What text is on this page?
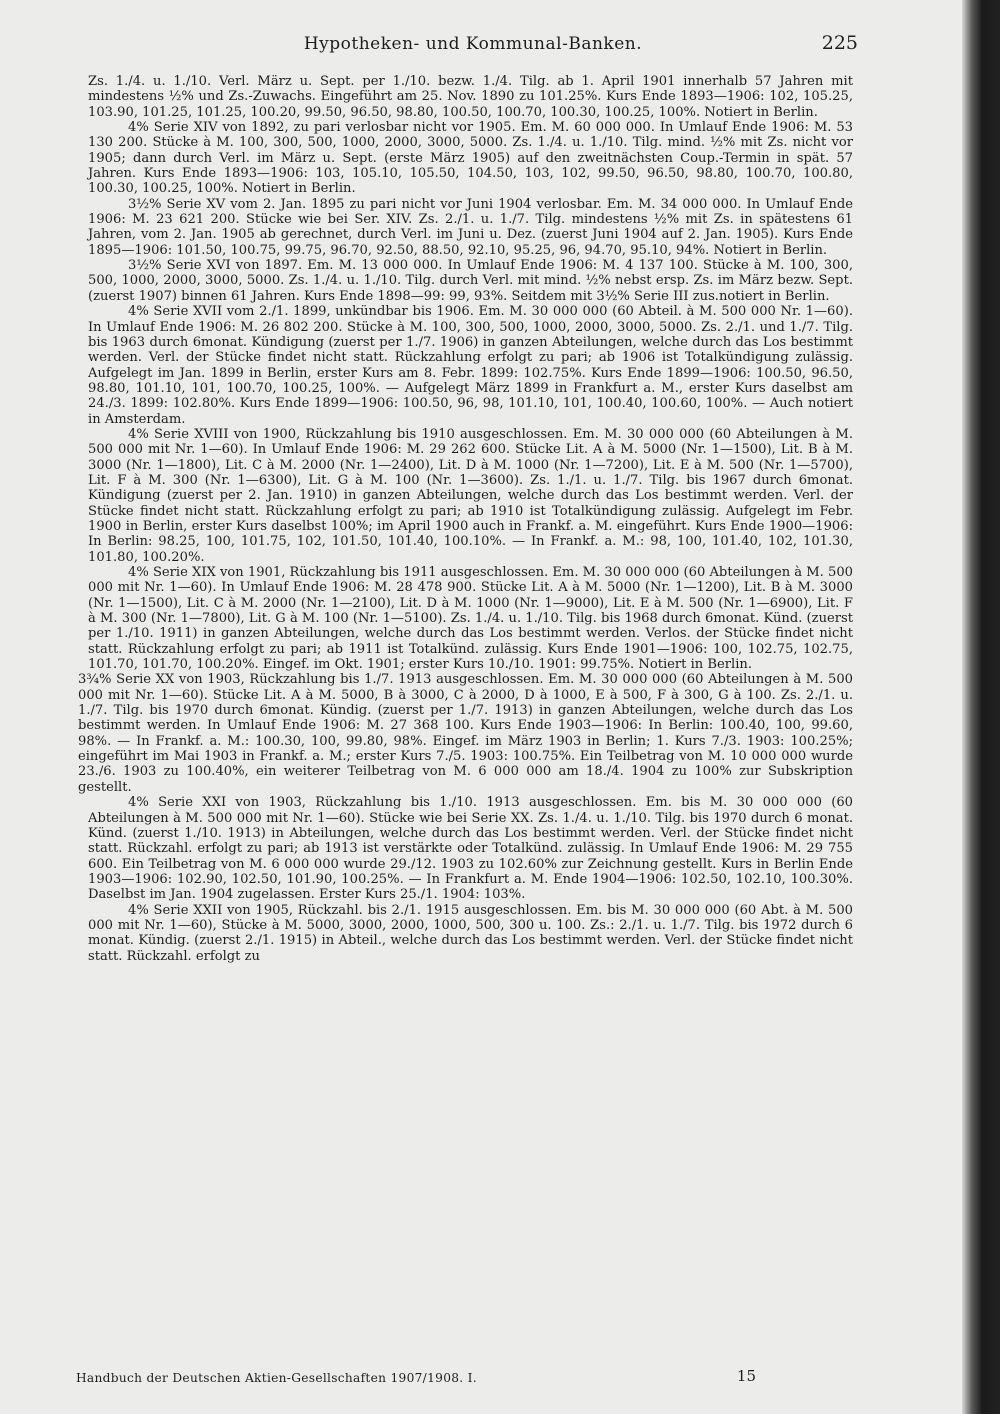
Hypotheken- und Kommunal-Banken.	225

Zs. 1./4. u. 1./10. Verl. März u. Sept. per 1./10. bezw. 1./4. Tilg. ab 1. April 1901 innerhalb 57 Jahren mit mindestens ½% und Zs.-Zuwachs. Eingeführt am 25. Nov. 1890 zu 101.25%. Kurs Ende 1893—1906: 102, 105.25, 103.90, 101.25, 101.25, 100.20, 99.50, 96.50, 98.80, 100.50, 100.70, 100.30, 100.25, 100%. Notiert in Berlin.

4% Serie XIV von 1892, zu pari verlosbar nicht vor 1905. Em. M. 60 000 000. In Umlauf Ende 1906: M. 53 130 200. Stücke à M. 100, 300, 500, 1000, 2000, 3000, 5000. Zs. 1./4. u. 1./10. Tilg. mind. ½% mit Zs. nicht vor 1905; dann durch Verl. im März u. Sept. (erste März 1905) auf den zweitnächsten Coup.-Termin in spät. 57 Jahren. Kurs Ende 1893—1906: 103, 105.10, 105.50, 104.50, 103, 102, 99.50, 96.50, 98.80, 100.70, 100.80, 100.30, 100.25, 100%. Notiert in Berlin.

3½% Serie XV vom 2. Jan. 1895 zu pari nicht vor Juni 1904 verlosbar. Em. M. 34 000 000. In Umlauf Ende 1906: M. 23 621 200. Stücke wie bei Ser. XIV. Zs. 2./1. u. 1./7. Tilg. mindestens ½% mit Zs. in spätestens 61 Jahren, vom 2. Jan. 1905 ab gerechnet, durch Verl. im Juni u. Dez. (zuerst Juni 1904 auf 2. Jan. 1905). Kurs Ende 1895—1906: 101.50, 100.75, 99.75, 96.70, 92.50, 88.50, 92.10, 95.25, 96, 94.70, 95.10, 94%. Notiert in Berlin.

3½% Serie XVI von 1897. Em. M. 13 000 000. In Umlauf Ende 1906: M. 4 137 100. Stücke à M. 100, 300, 500, 1000, 2000, 3000, 5000. Zs. 1./4. u. 1./10. Tilg. durch Verl. mit mind. ½% nebst ersp. Zs. im März bezw. Sept. (zuerst 1907) binnen 61 Jahren. Kurs Ende 1898—99: 99, 93%. Seitdem mit 3½% Serie III zus.notiert in Berlin.

4% Serie XVII vom 2./1. 1899, unkündbar bis 1906. Em. M. 30 000 000 (60 Abteil. à M. 500 000 Nr. 1—60). In Umlauf Ende 1906: M. 26 802 200. Stücke à M. 100, 300, 500, 1000, 2000, 3000, 5000. Zs. 2./1. und 1./7. Tilg. bis 1963 durch 6monat. Kündigung (zuerst per 1./7. 1906) in ganzen Abteilungen, welche durch das Los bestimmt werden. Verl. der Stücke findet nicht statt. Rückzahlung erfolgt zu pari; ab 1906 ist Totalkündigung zulässig. Aufgelegt im Jan. 1899 in Berlin, erster Kurs am 8. Febr. 1899: 102.75%. Kurs Ende 1899—1906: 100.50, 96.50, 98.80, 101.10, 101, 100.70, 100.25, 100%. — Aufgelegt März 1899 in Frankfurt a. M., erster Kurs daselbst am 24./3. 1899: 102.80%. Kurs Ende 1899—1906: 100.50, 96, 98, 101.10, 101, 100.40, 100.60, 100%. — Auch notiert in Amsterdam.

4% Serie XVIII von 1900, Rückzahlung bis 1910 ausgeschlossen. Em. M. 30 000 000 (60 Abteilungen à M. 500 000 mit Nr. 1—60). In Umlauf Ende 1906: M. 29 262 600. Stücke Lit. A à M. 5000 (Nr. 1—1500), Lit. B à M. 3000 (Nr. 1—1800), Lit. C à M. 2000 (Nr. 1—2400), Lit. D à M. 1000 (Nr. 1—7200), Lit. E à M. 500 (Nr. 1—5700), Lit. F à M. 300 (Nr. 1—6300), Lit. G à M. 100 (Nr. 1—3600). Zs. 1./1. u. 1./7. Tilg. bis 1967 durch 6monat. Kündigung (zuerst per 2. Jan. 1910) in ganzen Abteilungen, welche durch das Los bestimmt werden. Verl. der Stücke findet nicht statt. Rückzahlung erfolgt zu pari; ab 1910 ist Totalkündigung zulässig. Aufgelegt im Febr. 1900 in Berlin, erster Kurs daselbst 100%; im April 1900 auch in Frankf. a. M. eingeführt. Kurs Ende 1900—1906: In Berlin: 98.25, 100, 101.75, 102, 101.50, 101.40, 100.10%. — In Frankf. a. M.: 98, 100, 101.40, 102, 101.30, 101.80, 100.20%.

4% Serie XIX von 1901, Rückzahlung bis 1911 ausgeschlossen. Em. M. 30 000 000 (60 Abteilungen à M. 500 000 mit Nr. 1—60). In Umlauf Ende 1906: M. 28 478 900. Stücke Lit. A à M. 5000 (Nr. 1—1200), Lit. B à M. 3000 (Nr. 1—1500), Lit. C à M. 2000 (Nr. 1—2100), Lit. D à M. 1000 (Nr. 1—9000), Lit. E à M. 500 (Nr. 1—6900), Lit. F à M. 300 (Nr. 1—7800), Lit. G à M. 100 (Nr. 1—5100). Zs. 1./4. u. 1./10. Tilg. bis 1968 durch 6monat. Künd. (zuerst per 1./10. 1911) in ganzen Abteilungen, welche durch das Los bestimmt werden. Verlos. der Stücke findet nicht statt. Rückzahlung erfolgt zu pari; ab 1911 ist Totalkünd. zulässig. Kurs Ende 1901—1906: 100, 102.75, 102.75, 101.70, 101.70, 100.20%. Eingef. im Okt. 1901; erster Kurs 10./10. 1901: 99.75%. Notiert in Berlin.

3¾% Serie XX von 1903, Rückzahlung bis 1./7. 1913 ausgeschlossen. Em. M. 30 000 000 (60 Abteilungen à M. 500 000 mit Nr. 1—60). Stücke Lit. A à M. 5000, B à 3000, C à 2000, D à 1000, E à 500, F à 300, G à 100. Zs. 2./1. u. 1./7. Tilg. bis 1970 durch 6monat. Kündig. (zuerst per 1./7. 1913) in ganzen Abteilungen, welche durch das Los bestimmt werden. In Umlauf Ende 1906: M. 27 368 100. Kurs Ende 1903—1906: In Berlin: 100.40, 100, 99.60, 98%. — In Frankf. a. M.: 100.30, 100, 99.80, 98%. Eingef. im März 1903 in Berlin; 1. Kurs 7./3. 1903: 100.25%; eingeführt im Mai 1903 in Frankf. a. M.; erster Kurs 7./5. 1903: 100.75%. Ein Teilbetrag von M. 10 000 000 wurde 23./6. 1903 zu 100.40%, ein weiterer Teilbetrag von M. 6 000 000 am 18./4. 1904 zu 100% zur Subskription gestellt.

4% Serie XXI von 1903, Rückzahlung bis 1./10. 1913 ausgeschlossen. Em. bis M. 30 000 000 (60 Abteilungen à M. 500 000 mit Nr. 1—60). Stücke wie bei Serie XX. Zs. 1./4. u. 1./10. Tilg. bis 1970 durch 6 monat. Künd. (zuerst 1./10. 1913) in Abteilungen, welche durch das Los bestimmt werden. Verl. der Stücke findet nicht statt. Rückzahl. erfolgt zu pari; ab 1913 ist verstärkte oder Totalkünd. zulässig. In Umlauf Ende 1906: M. 29 755 600. Ein Teilbetrag von M. 6 000 000 wurde 29./12. 1903 zu 102.60% zur Zeichnung gestellt. Kurs in Berlin Ende 1903—1906: 102.90, 102.50, 101.90, 100.25%. — In Frankfurt a. M. Ende 1904—1906: 102.50, 102.10, 100.30%. Daselbst im Jan. 1904 zugelassen. Erster Kurs 25./1. 1904: 103%.

4% Serie XXII von 1905, Rückzahl. bis 2./1. 1915 ausgeschlossen. Em. bis M. 30 000 000 (60 Abt. à M. 500 000 mit Nr. 1—60), Stücke à M. 5000, 3000, 2000, 1000, 500, 300 u. 100. Zs.: 2./1. u. 1./7. Tilg. bis 1972 durch 6 monat. Kündig. (zuerst 2./1. 1915) in Abteil., welche durch das Los bestimmt werden. Verl. der Stücke findet nicht statt. Rückzahl. erfolgt zu

Handbuch der Deutschen Aktien-Gesellschaften 1907/1908. I.	15
